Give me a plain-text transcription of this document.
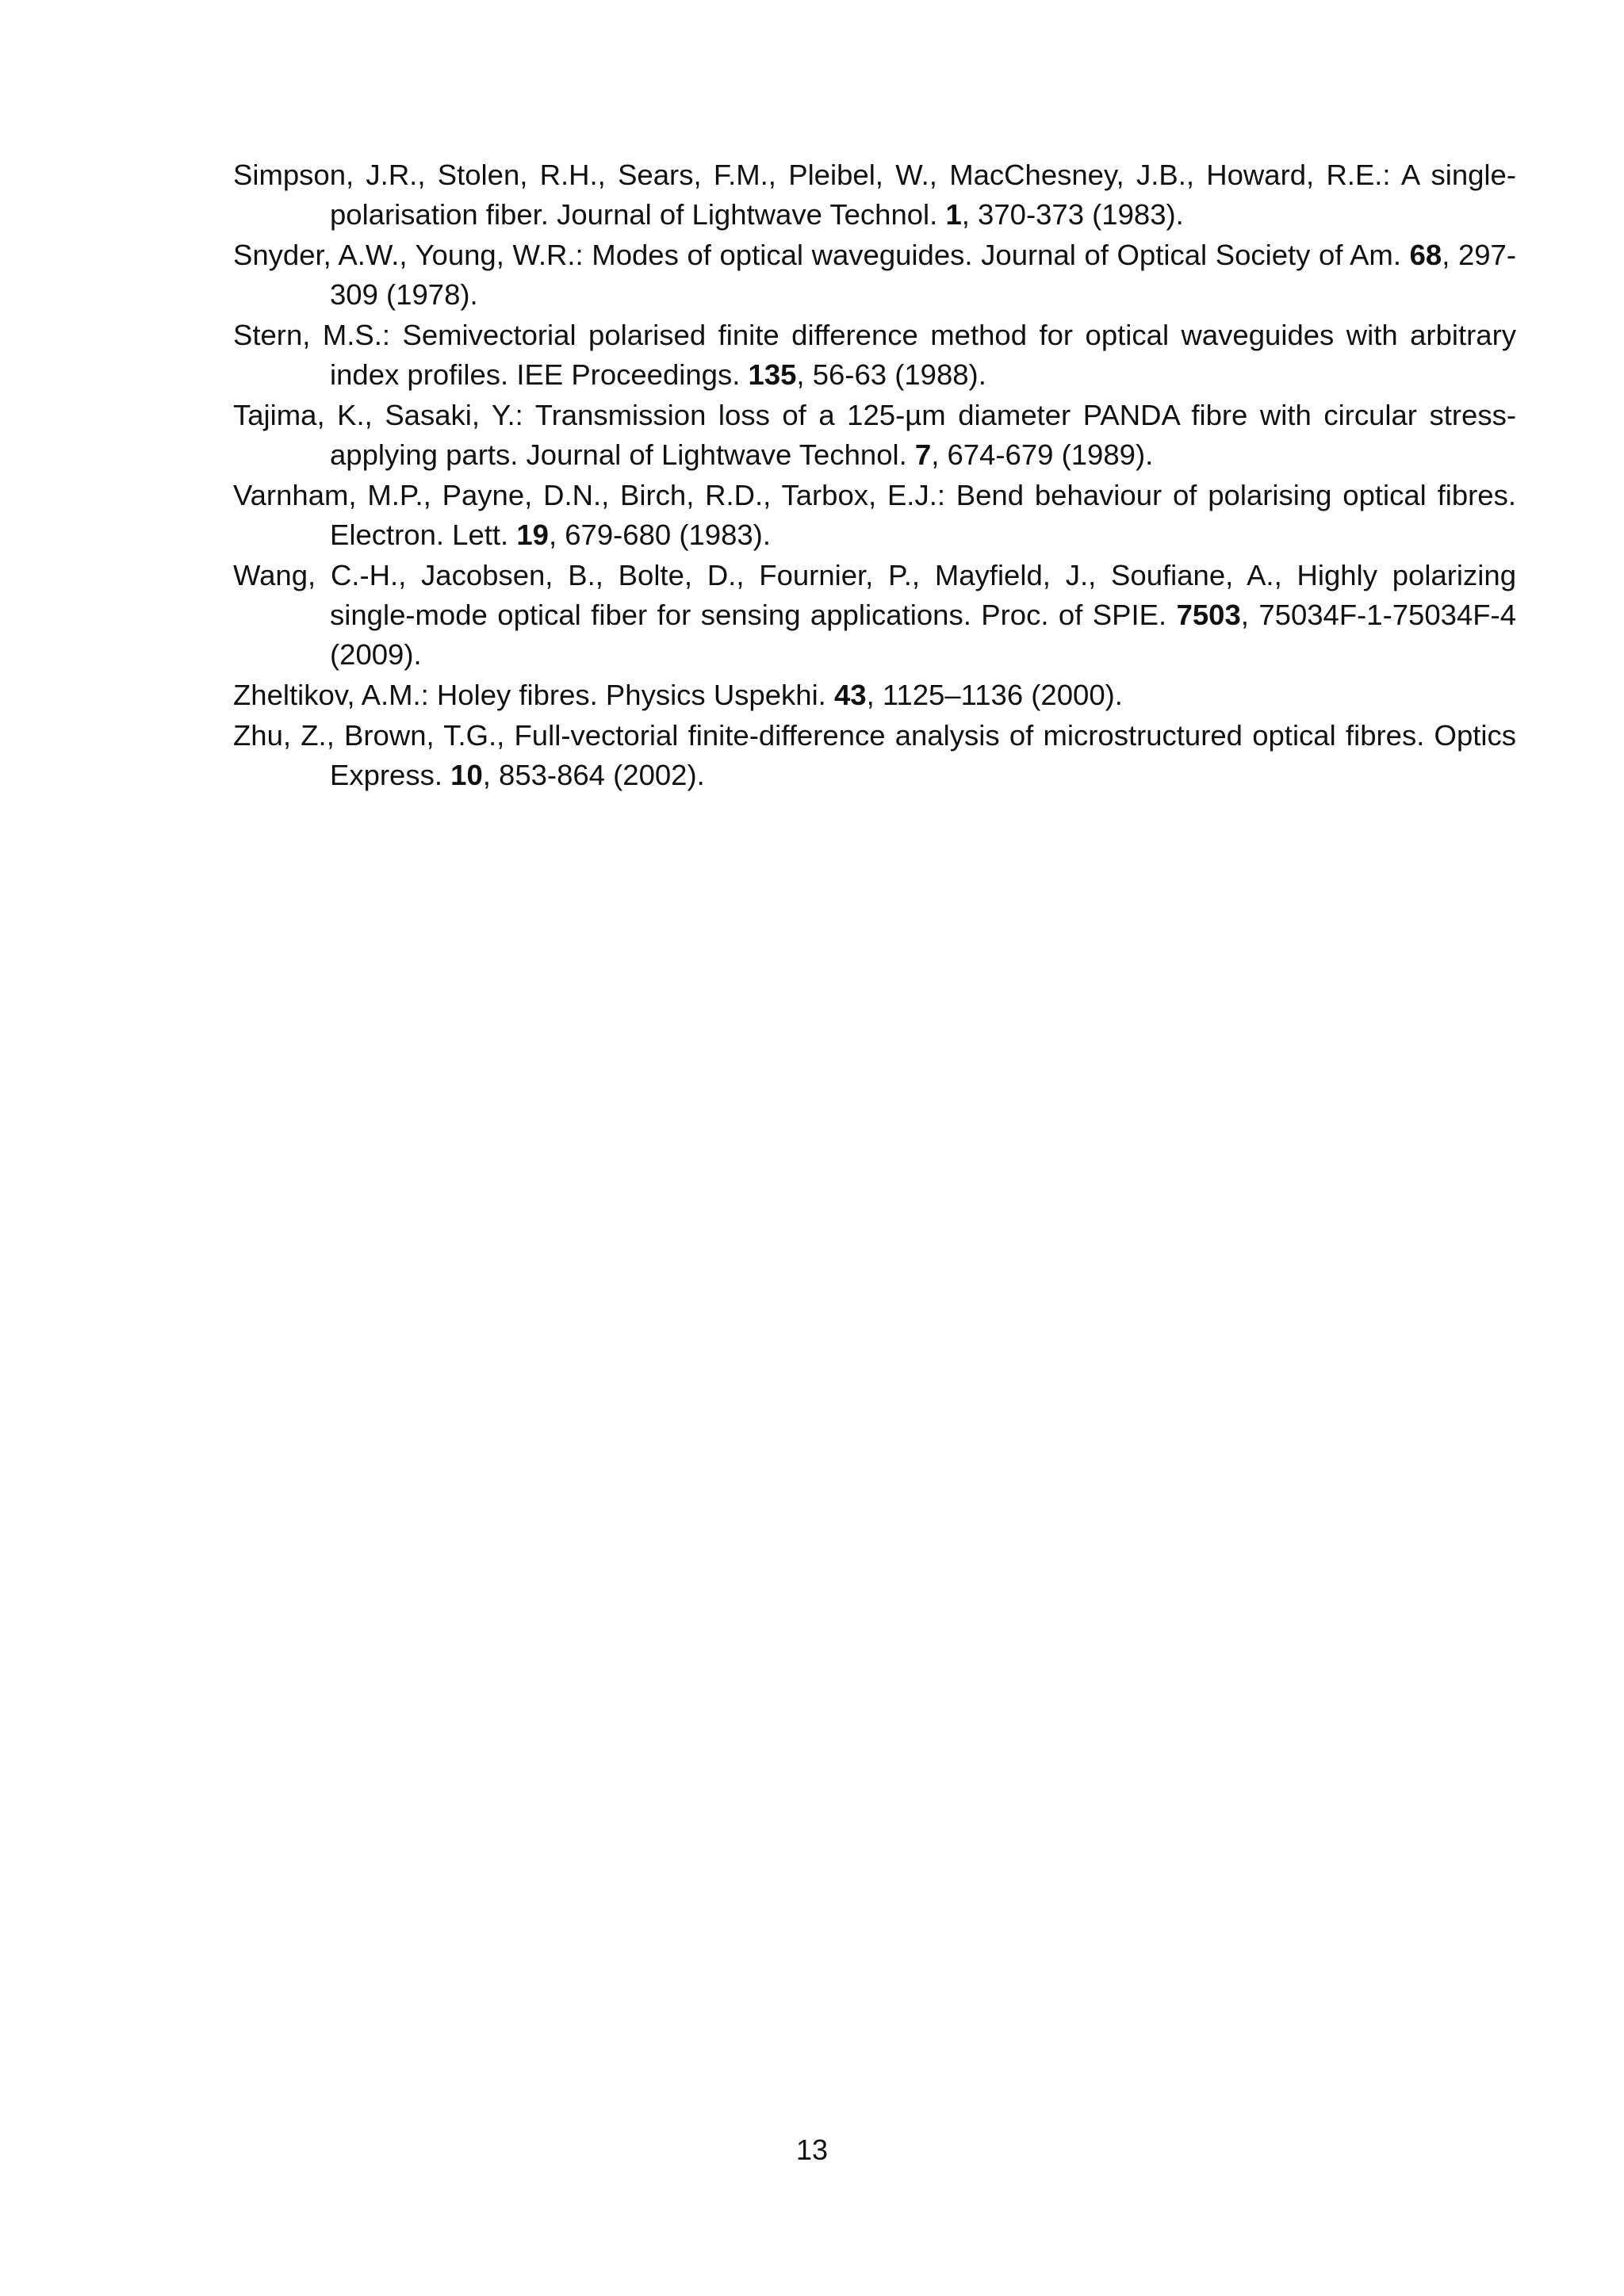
Simpson, J.R., Stolen, R.H., Sears, F.M., Pleibel, W., MacChesney, J.B., Howard, R.E.: A single-polarisation fiber. Journal of Lightwave Technol. 1, 370-373 (1983).
Snyder, A.W., Young, W.R.: Modes of optical waveguides. Journal of Optical Society of Am. 68, 297-309 (1978).
Stern, M.S.: Semivectorial polarised finite difference method for optical waveguides with arbitrary index profiles. IEE Proceedings. 135, 56-63 (1988).
Tajima, K., Sasaki, Y.: Transmission loss of a 125-µm diameter PANDA fibre with circular stress-applying parts. Journal of Lightwave Technol. 7, 674-679 (1989).
Varnham, M.P., Payne, D.N., Birch, R.D., Tarbox, E.J.: Bend behaviour of polarising optical fibres. Electron. Lett. 19, 679-680 (1983).
Wang, C.-H., Jacobsen, B., Bolte, D., Fournier, P., Mayfield, J., Soufiane, A., Highly polarizing single-mode optical fiber for sensing applications. Proc. of SPIE. 7503, 75034F-1-75034F-4 (2009).
Zheltikov, A.M.: Holey fibres. Physics Uspekhi. 43, 1125–1136 (2000).
Zhu, Z., Brown, T.G., Full-vectorial finite-difference analysis of microstructured optical fibres. Optics Express. 10, 853-864 (2002).
13
